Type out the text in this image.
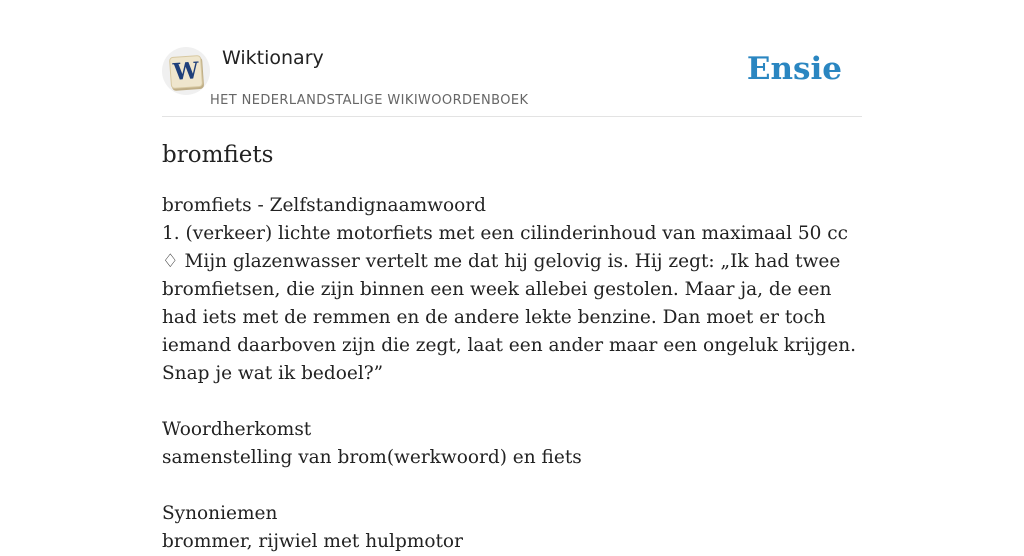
W Wiktionary
HET NEDERLANDSTALIGE WIKIWOORDENBOEK
Ensie
bromfiets

bromfiets - Zelfstandignaamwoord

1. (verkeer) lichte motorfiets met een cilinderinhoud van maximaal 50 cc

♢ Mijn glazenwasser vertelt me dat hij gelovig is. Hij zegt: „Ik had twee bromfietsen, die zijn binnen een week allebei gestolen. Maar ja, de een had iets met de remmen en de andere lekte benzine. Dan moet er toch iemand daarboven zijn die zegt, laat een ander maar een ongeluk krijgen. Snap je wat ik bedoel?”

Woordherkomst

samenstelling van brom(werkwoord) en fiets

Synoniemen

brommer, rijwiel met hulpmotor
